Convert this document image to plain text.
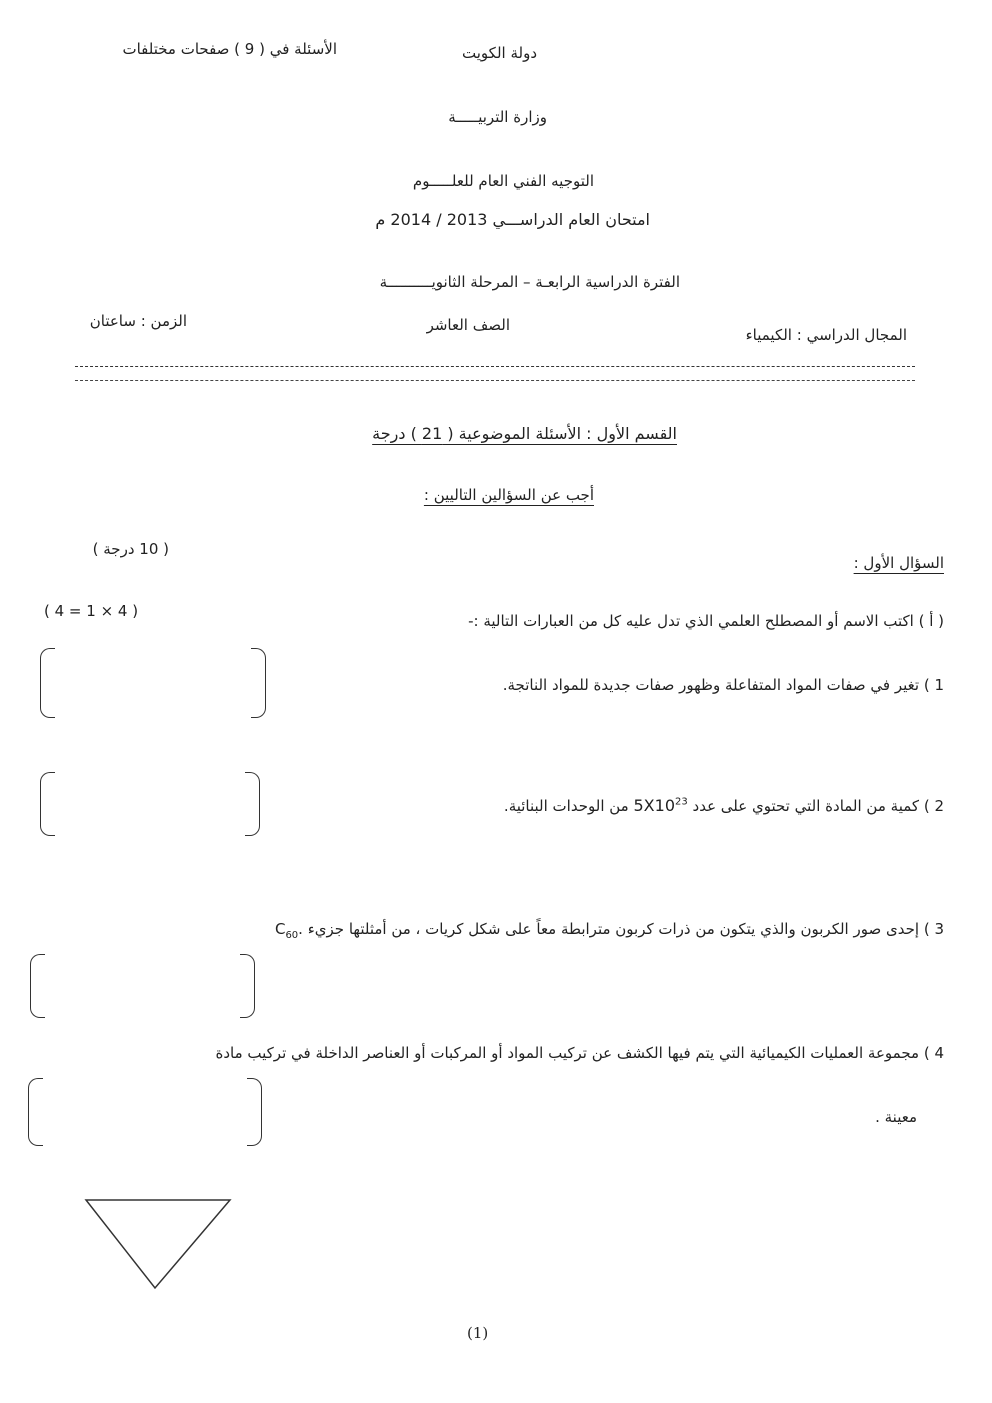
دولة الكويت
الأسئلة في ( 9 ) صفحات مختلفات
وزارة التربيـــــة
التوجيه الفني العام للعلـــــوم
امتحان العام الدراســـي 2013 / 2014 م
الفترة الدراسية الرابعـة – المرحلة الثانويــــــــــة
المجال الدراسي : الكيمياء
الصف العاشر
الزمن : ساعتان
القسم الأول : الأسئلة الموضوعية ( 21 ) درجة
أجب عن السؤالين التاليين :
السؤال الأول :
( 10 درجة )
( أ ) اكتب الاسم أو المصطلح العلمي الذي تدل عليه كل من العبارات التالية :-
( 4 = 1 × 4 )
1 ) تغير في صفات المواد المتفاعلة وظهور صفات جديدة للمواد الناتجة.
2 ) كمية من المادة التي تحتوي على عدد $5X10^{23}$ من الوحدات البنائية.
3 ) إحدى صور الكربون والذي يتكون من ذرات كربون مترابطة معاً على شكل كريات ، من أمثلتها جزيء $C_{60}$.
4 ) مجموعة العمليات الكيميائية التي يتم فيها الكشف عن تركيب المواد أو المركبات أو العناصر الداخلة في تركيب مادة
معينة .
(1)
